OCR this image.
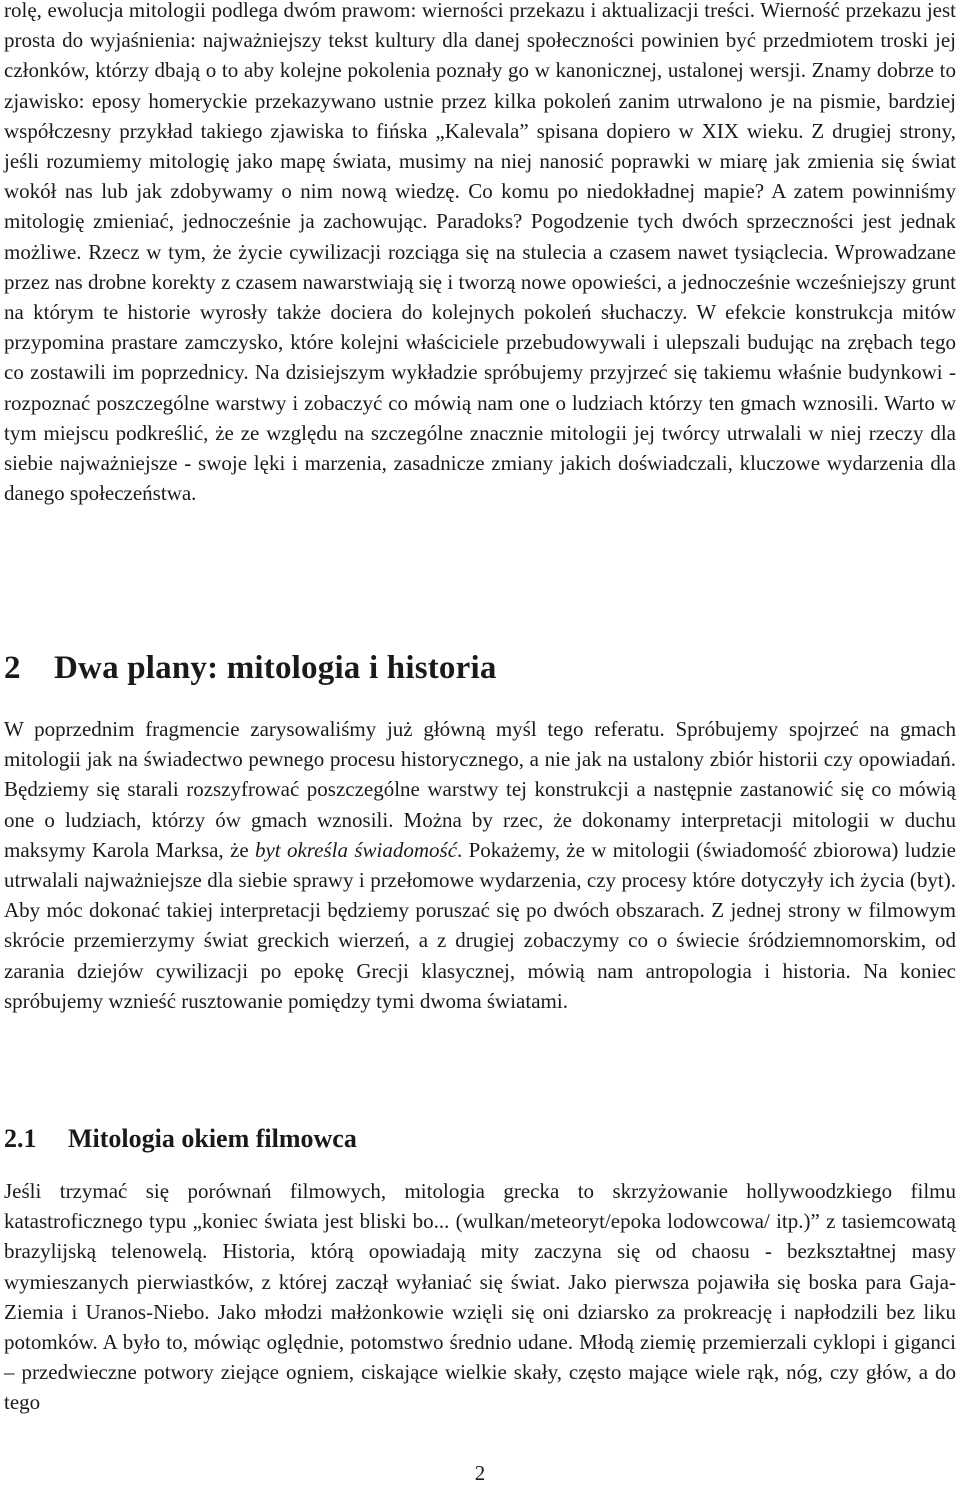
rolę, ewolucja mitologii podlega dwóm prawom: wierności przekazu i aktualizacji treści. Wierność przekazu jest prosta do wyjaśnienia: najważniejszy tekst kultury dla danej społeczności powinien być przedmiotem troski jej członków, którzy dbają o to aby kolejne pokolenia poznały go w kanonicznej, ustalonej wersji. Znamy dobrze to zjawisko: eposy homeryckie przekazywano ustnie przez kilka pokoleń zanim utrwalono je na pismie, bardziej współczesny przykład takiego zjawiska to fińska „Kalevala” spisana dopiero w XIX wieku. Z drugiej strony, jeśli rozumiemy mitologię jako mapę świata, musimy na niej nanosić poprawki w miarę jak zmienia się świat wokół nas lub jak zdobywamy o nim nową wiedzę. Co komu po niedokładnej mapie? A zatem powinniśmy mitologię zmieniać, jednocześnie ja zachowując. Paradoks? Pogodzenie tych dwóch sprzeczności jest jednak możliwe. Rzecz w tym, że życie cywilizacji rozciąga się na stulecia a czasem nawet tysiąclecia. Wprowadzane przez nas drobne korekty z czasem nawarstwiają się i tworzą nowe opowieści, a jednocześnie wcześniejszy grunt na którym te historie wyrosły także dociera do kolejnych pokoleń słuchaczy. W efekcie konstrukcja mitów przypomina prastare zamczysko, które kolejni właściciele przebudowywali i ulepszali budując na zrębach tego co zostawili im poprzednicy. Na dzisiejszym wykładzie spróbujemy przyjrzeć się takiemu właśnie budynkowi - rozpoznać poszczególne warstwy i zobaczyć co mówią nam one o ludziach którzy ten gmach wznosili. Warto w tym miejscu podkreślić, że ze względu na szczególne znacznie mitologii jej twórcy utrwalali w niej rzeczy dla siebie najważniejsze - swoje lęki i marzenia, zasadnicze zmiany jakich doświadczali, kluczowe wydarzenia dla danego społeczeństwa.

2 Dwa plany: mitologia i historia

W poprzednim fragmencie zarysowaliśmy już główną myśl tego referatu. Spróbujemy spojrzeć na gmach mitologii jak na świadectwo pewnego procesu historycznego, a nie jak na ustalony zbiór historii czy opowiadań. Będziemy się starali rozszyfrować poszczególne warstwy tej konstrukcji a następnie zastanowić się co mówią one o ludziach, którzy ów gmach wznosili. Można by rzec, że dokonamy interpretacji mitologii w duchu maksymy Karola Marksa, że byt określa świadomość. Pokażemy, że w mitologii (świadomość zbiorowa) ludzie utrwalali najważniejsze dla siebie sprawy i przełomowe wydarzenia, czy procesy które dotyczyły ich życia (byt). Aby móc dokonać takiej interpretacji będziemy poruszać się po dwóch obszarach. Z jednej strony w filmowym skrócie przemierzymy świat greckich wierzeń, a z drugiej zobaczymy co o świecie śródziemnomorskim, od zarania dziejów cywilizacji po epokę Grecji klasycznej, mówią nam antropologia i historia. Na koniec spróbujemy wznieść rusztowanie pomiędzy tymi dwoma światami.

2.1 Mitologia okiem filmowca

Jeśli trzymać się porównań filmowych, mitologia grecka to skrzyżowanie hollywoodzkiego filmu katastroficznego typu „koniec świata jest bliski bo... (wulkan/meteoryt/epoka lodowcowa/ itp.)” z tasiemcowatą brazylijską telenowelą. Historia, którą opowiadają mity zaczyna się od chaosu - bezkształtnej masy wymieszanych pierwiastków, z której zaczął wyłaniać się świat. Jako pierwsza pojawiła się boska para Gaja-Ziemia i Uranos-Niebo. Jako młodzi małżonkowie wzięli się oni dziarsko za prokreację i napłodzili bez liku potomków. A było to, mówiąc oględnie, potomstwo średnio udane. Młodą ziemię przemierzali cyklopi i giganci – przedwieczne potwory ziejące ogniem, ciskające wielkie skały, często mające wiele rąk, nóg, czy głów, a do tego

2
